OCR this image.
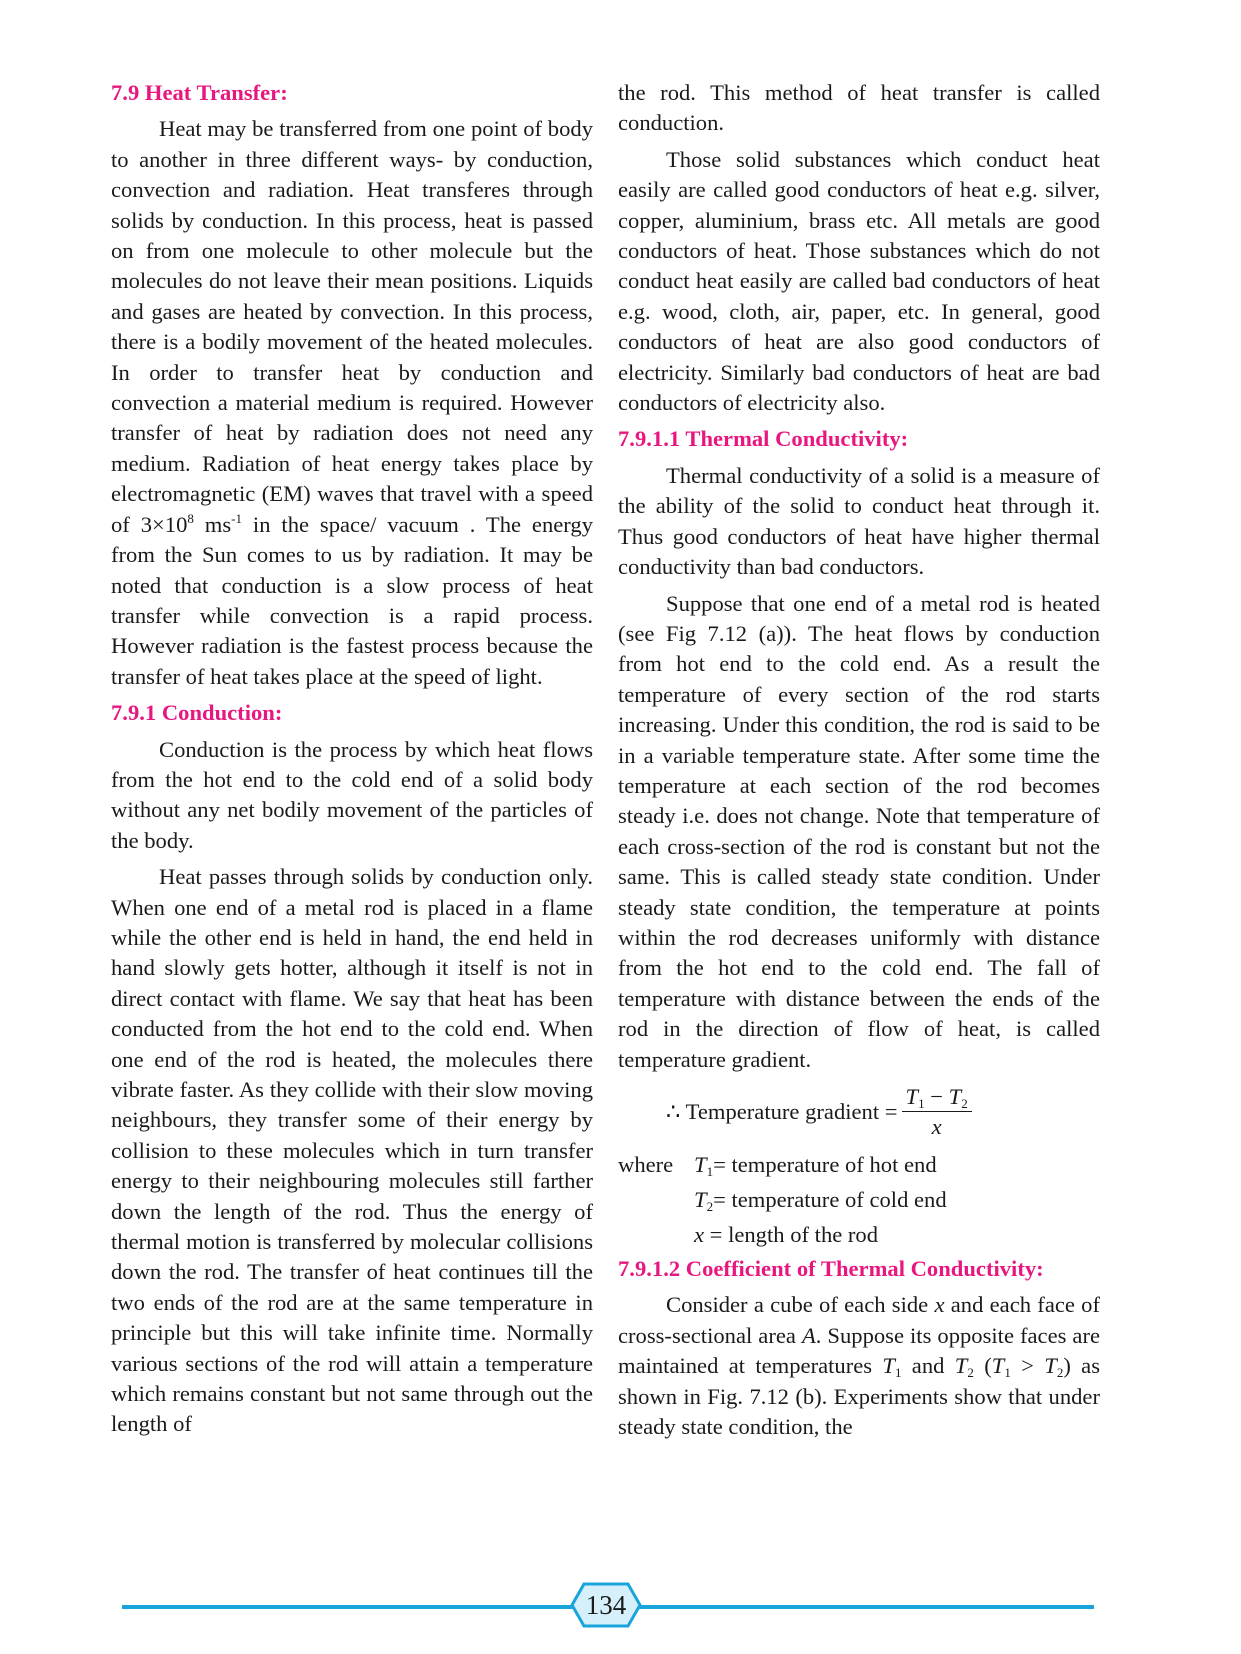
7.9 Heat Transfer:

Heat may be transferred from one point of body to another in three different ways- by conduction, convection and radiation. Heat transferes through solids by conduction. In this process, heat is passed on from one molecule to other molecule but the molecules do not leave their mean positions. Liquids and gases are heated by convection. In this process, there is a bodily movement of the heated molecules. In order to transfer heat by conduction and convection a material medium is required. However transfer of heat by radiation does not need any medium. Radiation of heat energy takes place by electromagnetic (EM) waves that travel with a speed of $3\times 10^8$ $ms^{-1}$ in the space/ vacuum . The energy from the Sun comes to us by radiation. It may be noted that conduction is a slow process of heat transfer while convection is a rapid process. However radiation is the fastest process because the transfer of heat takes place at the speed of light.

7.9.1 Conduction:

Conduction is the process by which heat flows from the hot end to the cold end of a solid body without any net bodily movement of the particles of the body.

Heat passes through solids by conduction only. When one end of a metal rod is placed in a flame while the other end is held in hand, the end held in hand slowly gets hotter, although it itself is not in direct contact with flame. We say that heat has been conducted from the hot end to the cold end. When one end of the rod is heated, the molecules there vibrate faster. As they collide with their slow moving neighbours, they transfer some of their energy by collision to these molecules which in turn transfer energy to their neighbouring molecules still farther down the length of the rod. Thus the energy of thermal motion is transferred by molecular collisions down the rod. The transfer of heat continues till the two ends of the rod are at the same temperature in principle but this will take infinite time. Normally various sections of the rod will attain a temperature which remains constant but not same through out the length of

the rod. This method of heat transfer is called conduction.

Those solid substances which conduct heat easily are called good conductors of heat e.g. silver, copper, aluminium, brass etc. All metals are good conductors of heat. Those substances which do not conduct heat easily are called bad conductors of heat e.g. wood, cloth, air, paper, etc. In general, good conductors of heat are also good conductors of electricity. Similarly bad conductors of heat are bad conductors of electricity also.

7.9.1.1 Thermal Conductivity:

Thermal conductivity of a solid is a measure of the ability of the solid to conduct heat through it. Thus good conductors of heat have higher thermal conductivity than bad conductors.

Suppose that one end of a metal rod is heated (see Fig 7.12 (a)). The heat flows by conduction from hot end to the cold end. As a result the temperature of every section of the rod starts increasing. Under this condition, the rod is said to be in a variable temperature state. After some time the temperature at each section of the rod becomes steady i.e. does not change. Note that temperature of each cross-section of the rod is constant but not the same. This is called steady state condition. Under steady state condition, the temperature at points within the rod decreases uniformly with distance from the hot end to the cold end. The fall of temperature with distance between the ends of the rod in the direction of flow of heat, is called temperature gradient.

∴ Temperature gradient = $\frac{T_1 - T_2}{x}$
where $T_1=$ temperature of hot end
$T_2=$ temperature of cold end
x = length of the rod
7.9.1.2 Coefficient of Thermal Conductivity:

Consider a cube of each side x and each face of cross-sectional area A. Suppose its opposite faces are maintained at temperatures $T_1$ and $T_2$ $(T_1 > T_2)$ as shown in Fig. 7.12 (b). Experiments show that under steady state condition, the

134
